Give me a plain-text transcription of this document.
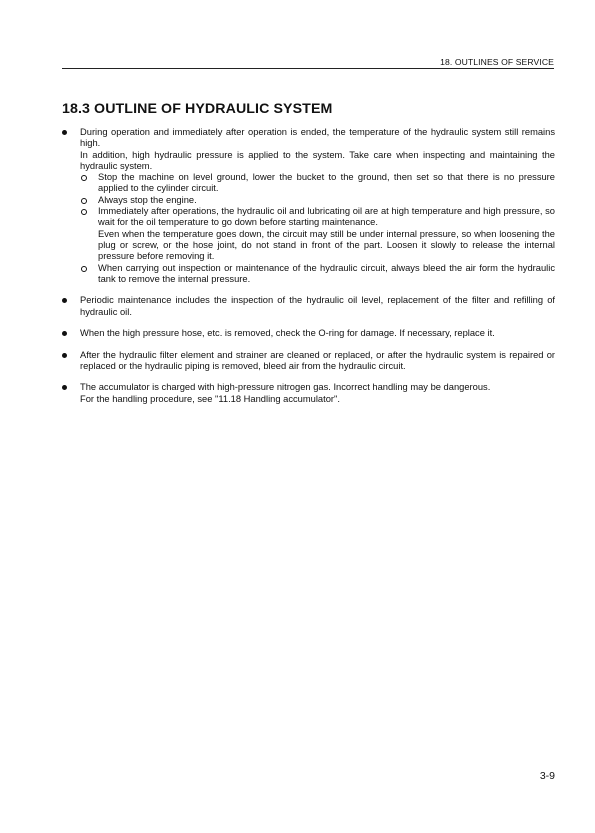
18. OUTLINES OF SERVICE
18.3 OUTLINE OF HYDRAULIC SYSTEM
During operation and immediately after operation is ended, the temperature of the hydraulic system still remains high.
In addition, high hydraulic pressure is applied to the system. Take care when inspecting and maintaining the hydraulic system.
Stop the machine on level ground, lower the bucket to the ground, then set so that there is no pressure applied to the cylinder circuit.
Always stop the engine.
Immediately after operations, the hydraulic oil and lubricating oil are at high temperature and high pressure, so wait for the oil temperature to go down before starting maintenance.
Even when the temperature goes down, the circuit may still be under internal pressure, so when loosening the plug or screw, or the hose joint, do not stand in front of the part. Loosen it slowly to release the internal pressure before removing it.
When carrying out inspection or maintenance of the hydraulic circuit, always bleed the air form the hydraulic tank to remove the internal pressure.
Periodic maintenance includes the inspection of the hydraulic oil level, replacement of the filter and refilling of hydraulic oil.
When the high pressure hose, etc. is removed, check the O-ring for damage. If necessary, replace it.
After the hydraulic filter element and strainer are cleaned or replaced, or after the hydraulic system is repaired or replaced or the hydraulic piping is removed, bleed air from the hydraulic circuit.
The accumulator is charged with high-pressure nitrogen gas. Incorrect handling may be dangerous.
For the handling procedure, see "11.18 Handling accumulator".
3-9
